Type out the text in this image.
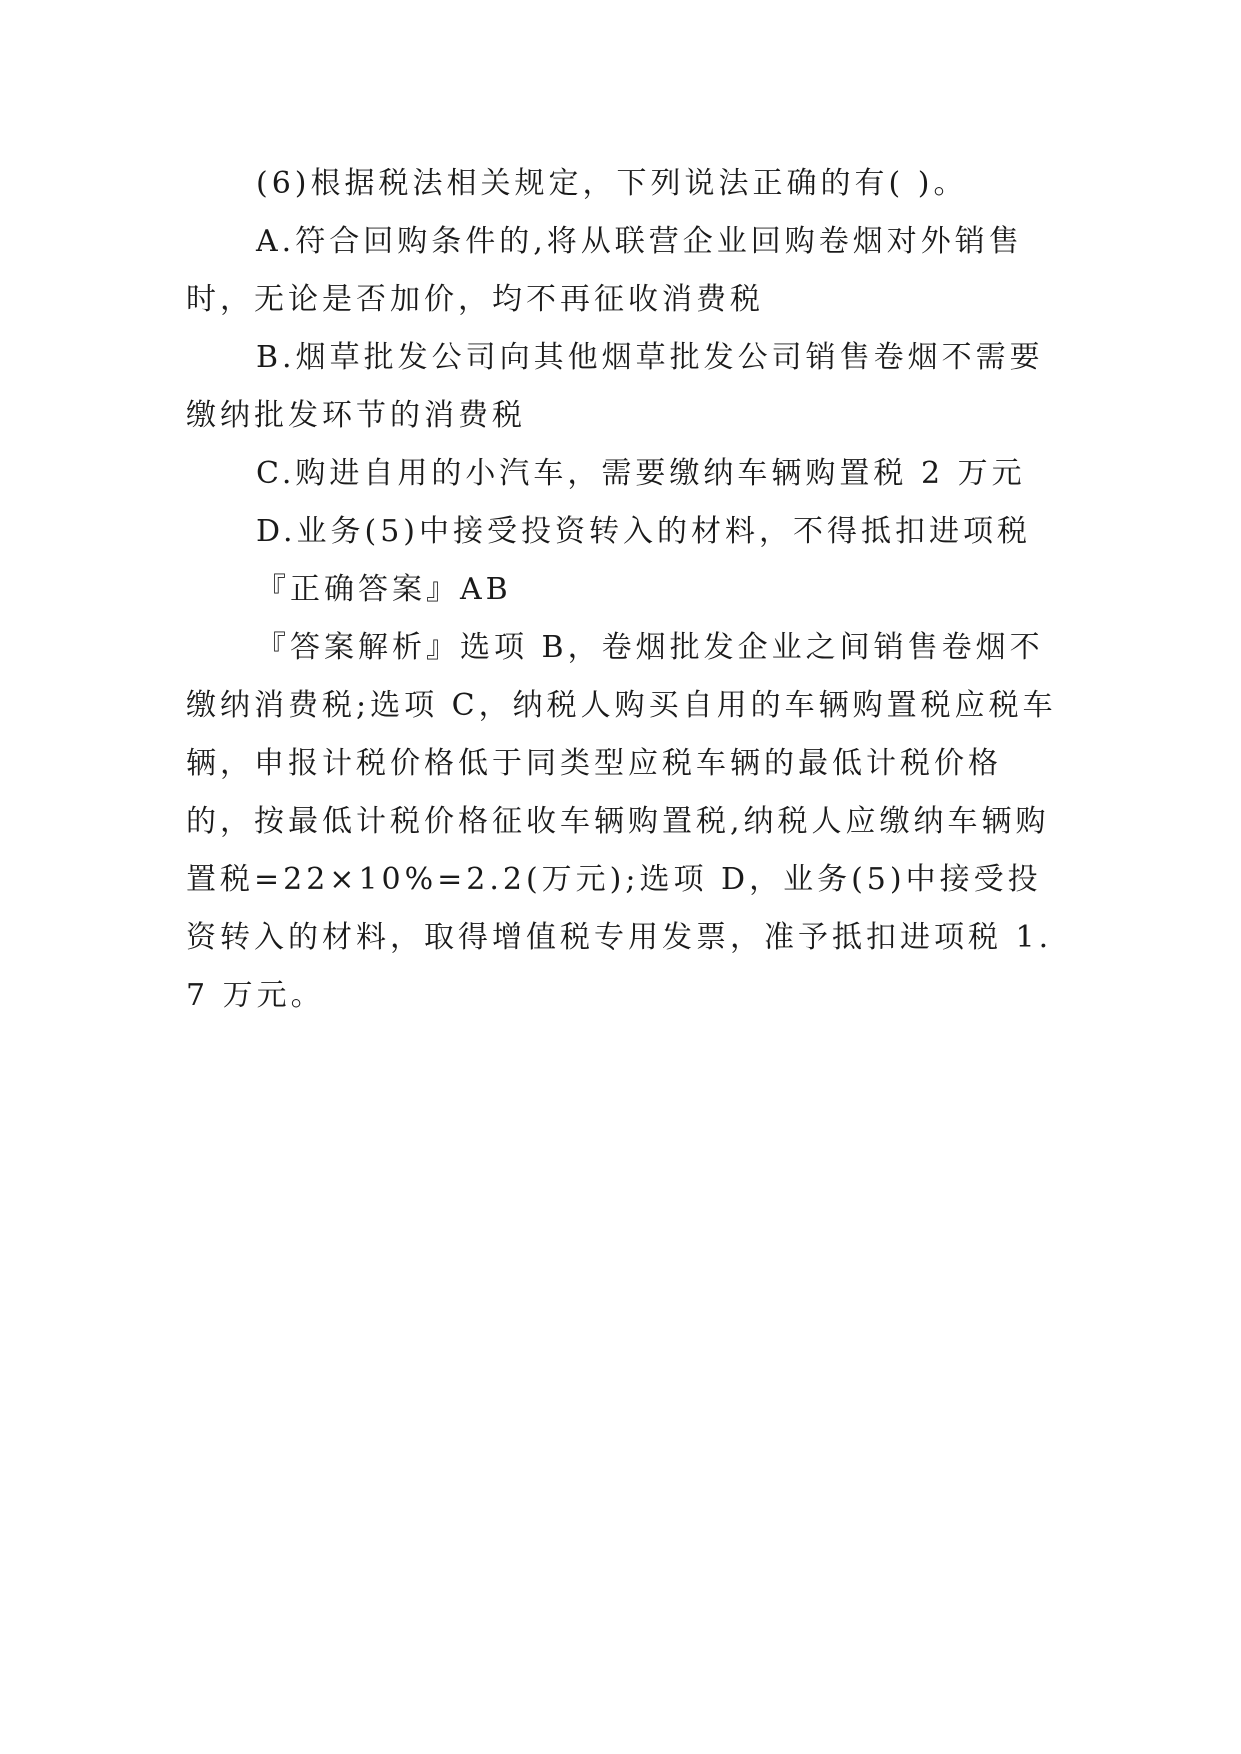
(6)根据税法相关规定，下列说法正确的有( )。

A.符合回购条件的,将从联营企业回购卷烟对外销售时，无论是否加价，均不再征收消费税

B.烟草批发公司向其他烟草批发公司销售卷烟不需要缴纳批发环节的消费税

C.购进自用的小汽车，需要缴纳车辆购置税 2 万元

D.业务(5)中接受投资转入的材料，不得抵扣进项税

『正确答案』AB

『答案解析』选项 B，卷烟批发企业之间销售卷烟不缴纳消费税;选项 C，纳税人购买自用的车辆购置税应税车辆，申报计税价格低于同类型应税车辆的最低计税价格的，按最低计税价格征收车辆购置税,纳税人应缴纳车辆购置税=22×10%=2.2(万元);选项 D，业务(5)中接受投资转入的材料，取得增值税专用发票，准予抵扣进项税 1.7 万元。
